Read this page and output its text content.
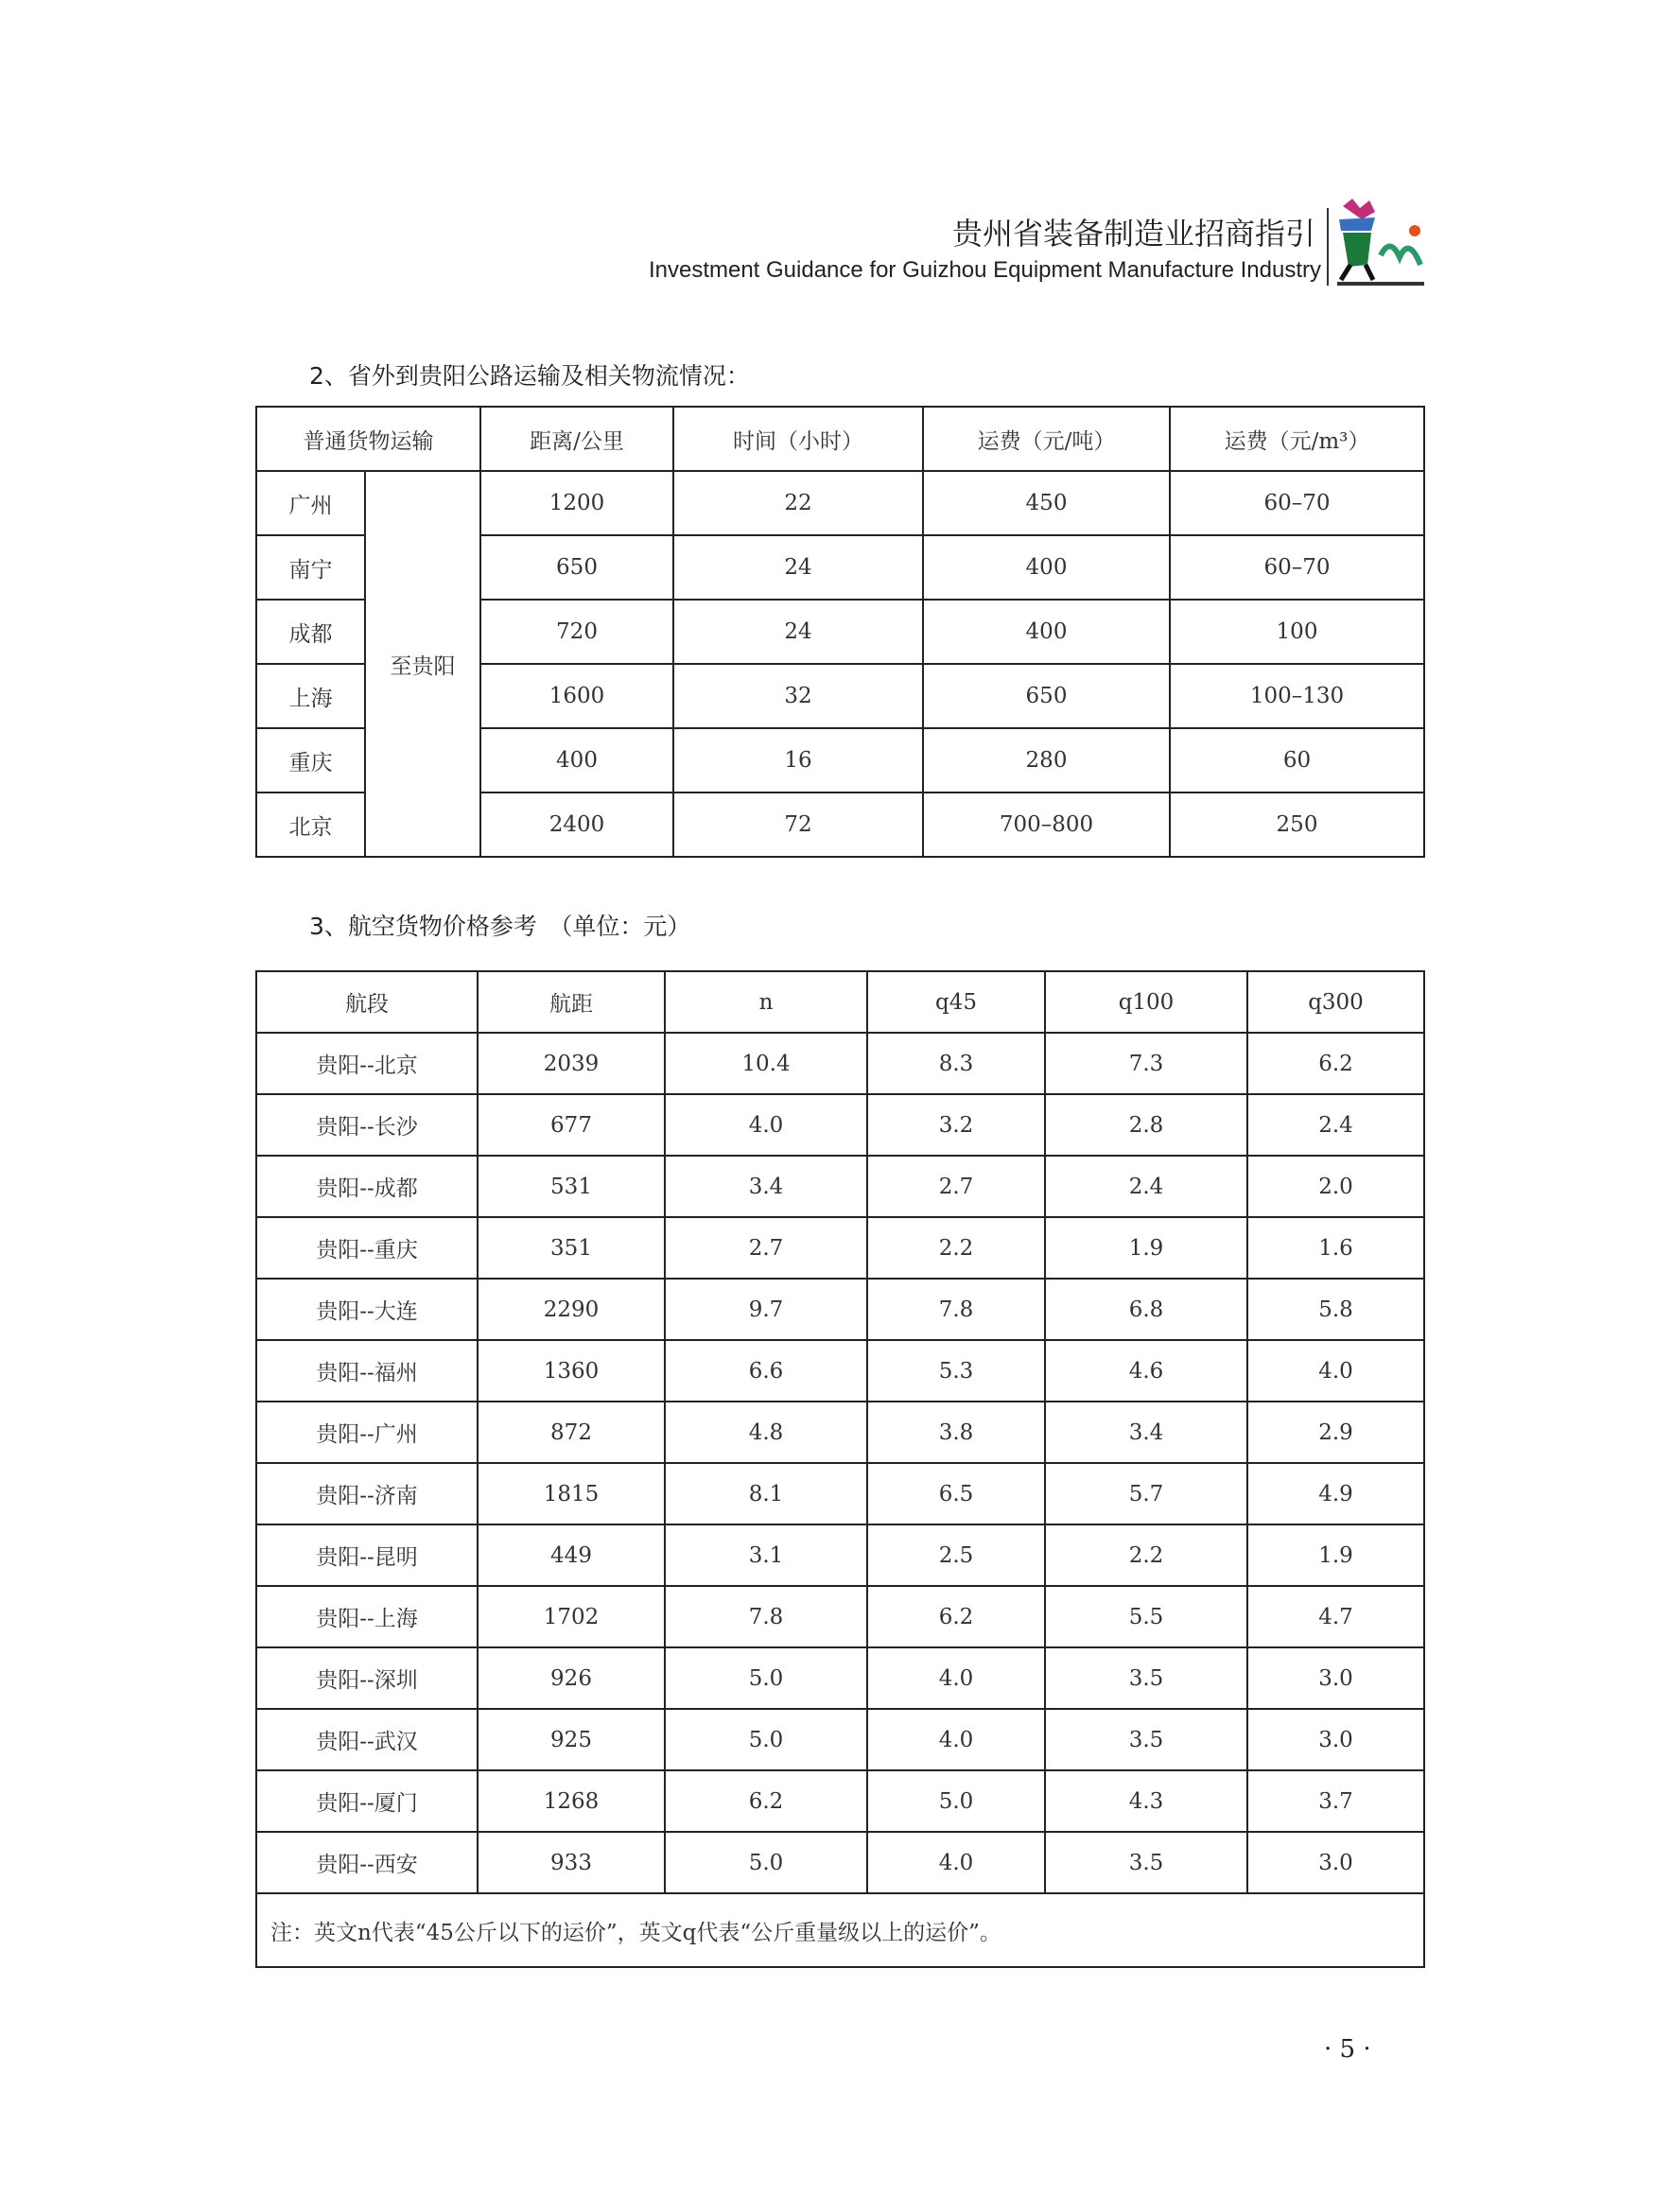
贵州省装备制造业招商指引
Investment Guidance for Guizhou Equipment Manufacture Industry
2、省外到贵阳公路运输及相关物流情况：
普通货物运输		距离/公里	时间（小时）	运费（元/吨）	运费（元/m³）
广州	至贵阳	1200	22	450	60–70
南宁		650	24	400	60–70
成都		720	24	400	100
上海		1600	32	650	100–130
重庆		400	16	280	60
北京		2400	72	700–800	250
3、航空货物价格参考　（单位：元）
航段	航距	n	q45	q100	q300
贵阳--北京	2039	10.4	8.3	7.3	6.2
贵阳--长沙	677	4.0	3.2	2.8	2.4
贵阳--成都	531	3.4	2.7	2.4	2.0
贵阳--重庆	351	2.7	2.2	1.9	1.6
贵阳--大连	2290	9.7	7.8	6.8	5.8
贵阳--福州	1360	6.6	5.3	4.6	4.0
贵阳--广州	872	4.8	3.8	3.4	2.9
贵阳--济南	1815	8.1	6.5	5.7	4.9
贵阳--昆明	449	3.1	2.5	2.2	1.9
贵阳--上海	1702	7.8	6.2	5.5	4.7
贵阳--深圳	926	5.0	4.0	3.5	3.0
贵阳--武汉	925	5.0	4.0	3.5	3.0
贵阳--厦门	1268	6.2	5.0	4.3	3.7
贵阳--西安	933	5.0	4.0	3.5	3.0
注：英文n代表“45公斤以下的运价”，英文q代表“公斤重量级以上的运价”。					
· 5 ·
